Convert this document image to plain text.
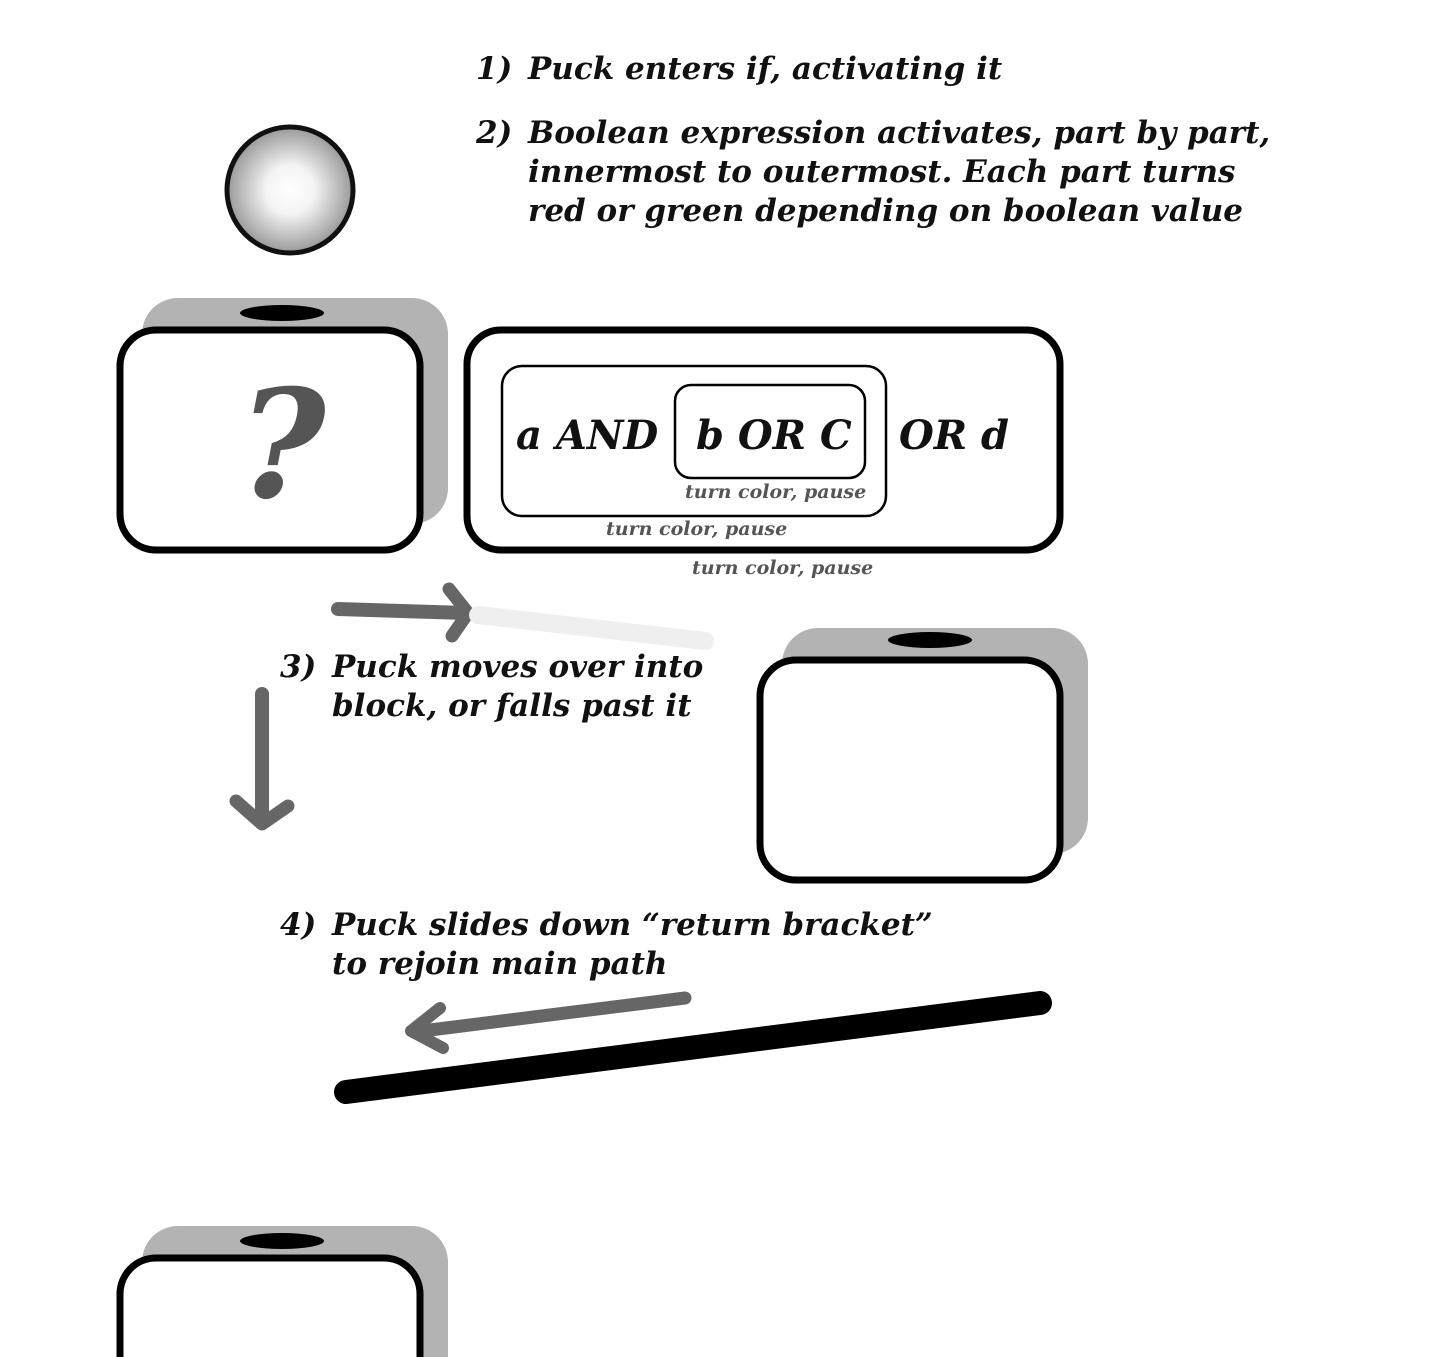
1) Puck enters if, activating it
2) Boolean expression activates, part by part,
innermost to outermost. Each part turns
red or green depending on boolean value
3) Puck moves over into
block, or falls past it
4) Puck slides down “return bracket”
to rejoin main path
?	a AND b OR C OR d
turn color, pause
turn color, pause
turn color, pause
